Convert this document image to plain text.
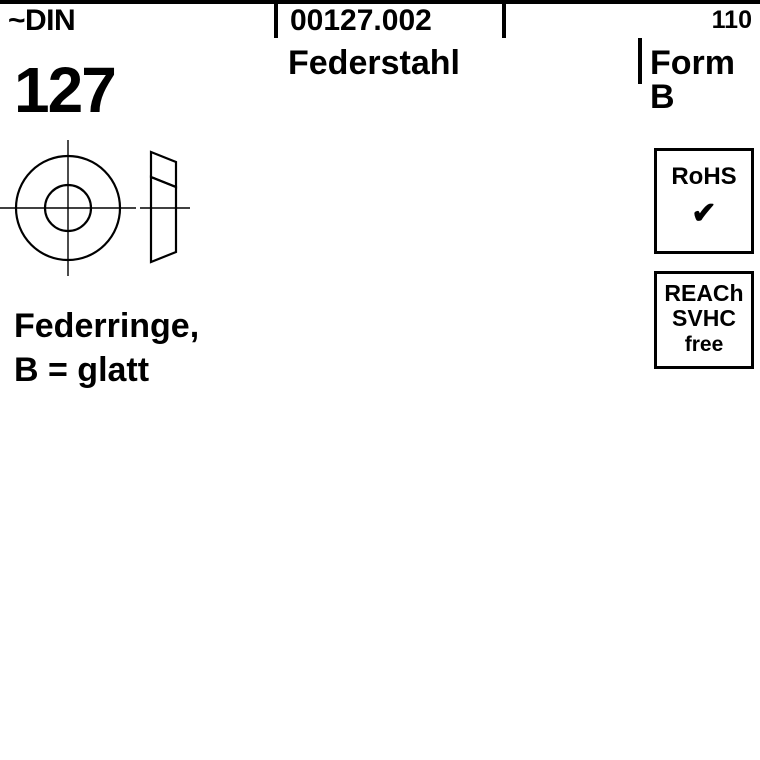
~DIN	00127.002	110
127	Federstahl	Form B
RoHS
✔
REACh
SVHC
free
Federringe,
B = glatt
